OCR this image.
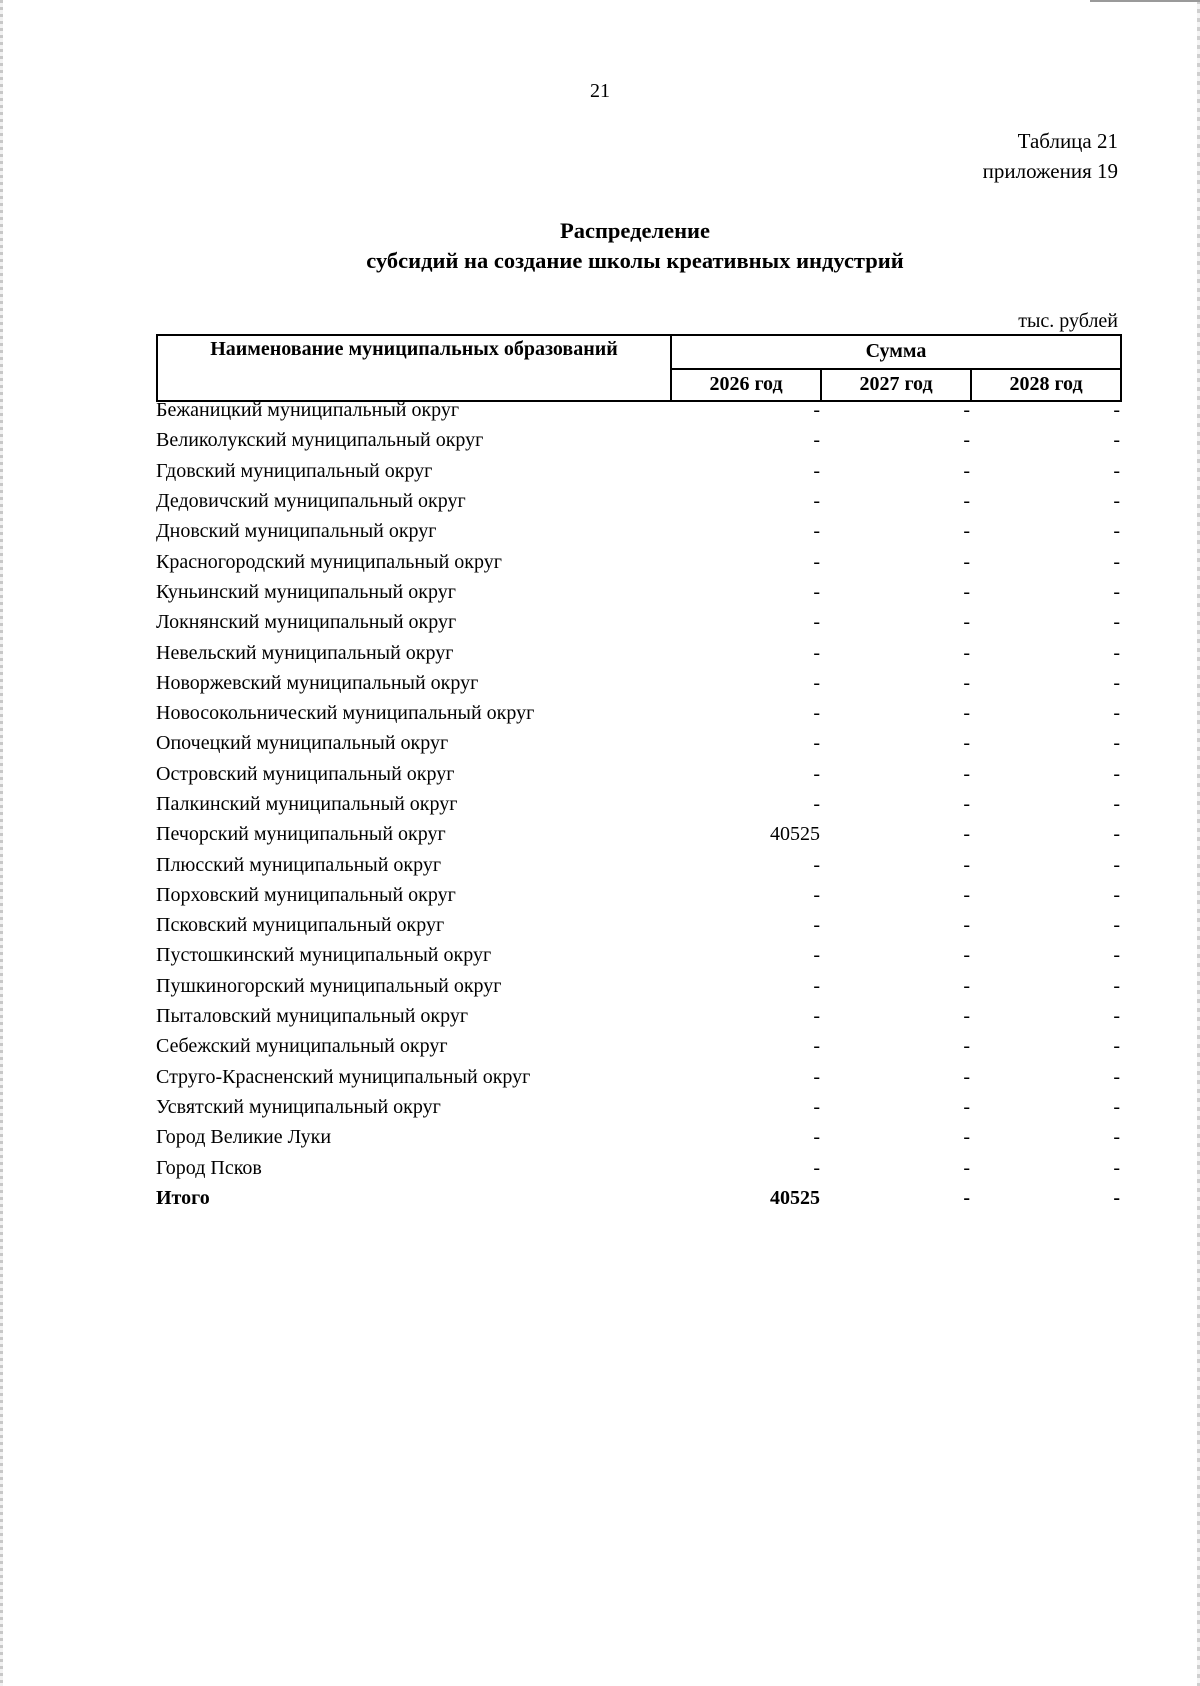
21
Таблица 21
приложения 19
Распределение
субсидий на создание школы креативных индустрий
тыс. рублей
Наименование муниципальных образований	Сумма		
	2026 год	2027 год	2028 год
Бежаницкий муниципальный округ	-	-	-
Великолукский муниципальный округ	-	-	-
Гдовский муниципальный округ	-	-	-
Дедовичский муниципальный округ	-	-	-
Дновский муниципальный округ	-	-	-
Красногородский муниципальный округ	-	-	-
Куньинский муниципальный округ	-	-	-
Локнянский муниципальный округ	-	-	-
Невельский муниципальный округ	-	-	-
Новоржевский муниципальный округ	-	-	-
Новосокольнический муниципальный округ	-	-	-
Опочецкий муниципальный округ	-	-	-
Островский муниципальный округ	-	-	-
Палкинский муниципальный округ	-	-	-
Печорский муниципальный округ	40525	-	-
Плюсский муниципальный округ	-	-	-
Порховский муниципальный округ	-	-	-
Псковский муниципальный округ	-	-	-
Пустошкинский муниципальный округ	-	-	-
Пушкиногорский муниципальный округ	-	-	-
Пыталовский муниципальный округ	-	-	-
Себежский муниципальный округ	-	-	-
Струго-Красненский муниципальный округ	-	-	-
Усвятский муниципальный округ	-	-	-
Город Великие Луки	-	-	-
Город Псков	-	-	-
Итого	40525	-	-
